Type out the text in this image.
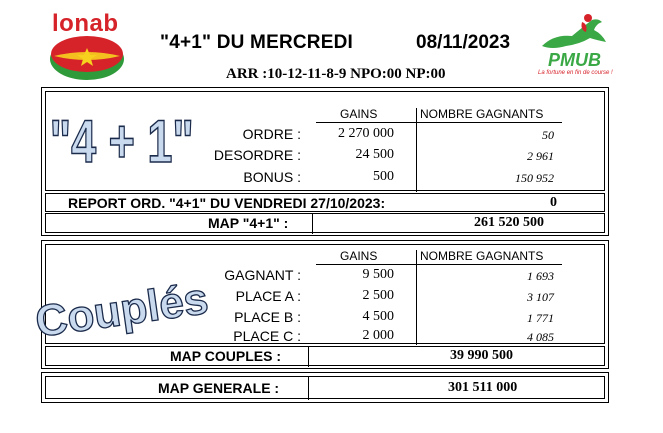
lonab
"4+1" DU MERCREDI	08/11/2023
ARR :10-12-11-8-9 NPO:00 NP:00
PMUB
La fortune en fin de course !
"4 + 1"	GAINS	NOMBRE GAGNANTS
ORDRE :	2 270 000	50
DESORDRE :	24 500	2 961
BONUS :	500	150 952
REPORT ORD. "4+1" DU VENDREDI 27/10/2023:	0
MAP "4+1" :	261 520 500
Couplés
GAINS	NOMBRE GAGNANTS
GAGNANT :	9 500	1 693
PLACE A :	2 500	3 107
PLACE B :	4 500	1 771
PLACE C :	2 000	4 085
MAP COUPLES :	39 990 500
MAP GENERALE :	301 511 000
